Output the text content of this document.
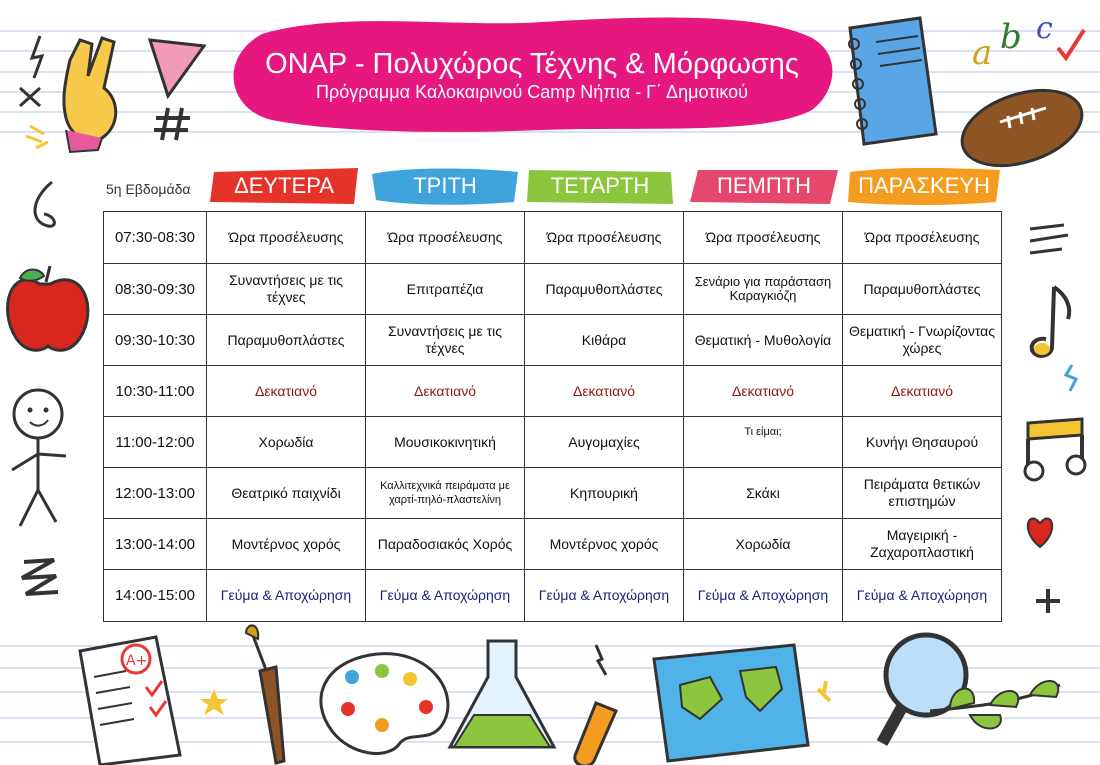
ΟΝΑΡ - Πολυχώρος Τέχνης & Μόρφωσης
Πρόγραμμα Καλοκαιρινού Camp Νήπια - Γ΄ Δημοτικού
5η Εβδομάδα	ΔΕΥΤΕΡΑ	ΤΡΙΤΗ	ΤΕΤΑΡΤΗ	ΠΕΜΠΤΗ	ΠΑΡΑΣΚΕΥΗ
07:30-08:30	Ώρα προσέλευσης	Ώρα προσέλευσης	Ώρα προσέλευσης	Ώρα προσέλευσης	Ώρα προσέλευσης
08:30-09:30	Συναντήσεις με τις τέχνες	Επιτραπέζια	Παραμυθοπλάστες	Σενάριο για παράσταση Καραγκιόζη	Παραμυθοπλάστες
09:30-10:30	Παραμυθοπλάστες	Συναντήσεις με τις τέχνες	Κιθάρα	Θεματική - Μυθολογία	Θεματική - Γνωρίζοντας χώρες
10:30-11:00	Δεκατιανό	Δεκατιανό	Δεκατιανό	Δεκατιανό	Δεκατιανό
11:00-12:00	Χορωδία	Μουσικοκινητική	Αυγομαχίες	Τι είμαι;	Κυνήγι Θησαυρού
12:00-13:00	Θεατρικό παιχνίδι	Καλλιτεχνικά πειράματα με χαρτί-πηλό-πλαστελίνη	Κηπουρική	Σκάκι	Πειράματα θετικών επιστημών
13:00-14:00	Μοντέρνος χορός	Παραδοσιακός Χορός	Μοντέρνος χορός	Χορωδία	Μαγειρική - Ζαχαροπλαστική
14:00-15:00	Γεύμα & Αποχώρηση	Γεύμα & Αποχώρηση	Γεύμα & Αποχώρηση	Γεύμα & Αποχώρηση	Γεύμα & Αποχώρηση
a b c
A+
